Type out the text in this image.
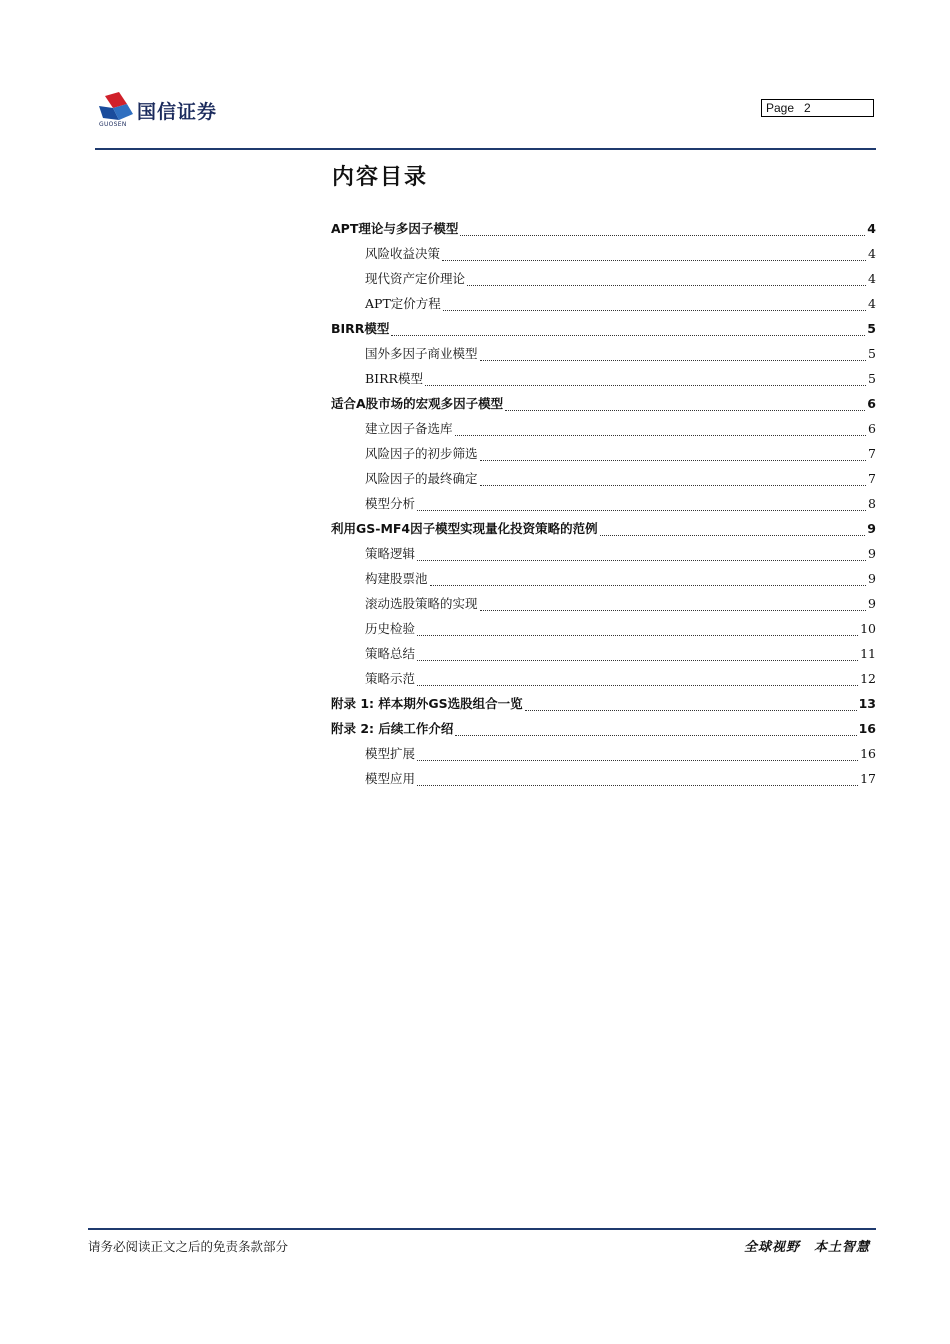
国信证券
GUOSEN
Page 2
内容目录
APT理论与多因子模型	4
风险收益决策	4
现代资产定价理论	4
APT定价方程	4
BIRR模型	5
国外多因子商业模型	5
BIRR模型	5
适合A股市场的宏观多因子模型	6
建立因子备选库	6
风险因子的初步筛选	7
风险因子的最终确定	7
模型分析	8
利用GS-MF4因子模型实现量化投资策略的范例	9
策略逻辑	9
构建股票池	9
滚动选股策略的实现	9
历史检验	10
策略总结	11
策略示范	12
附录 1: 样本期外GS选股组合一览	13
附录 2: 后续工作介绍	16
模型扩展	16
模型应用	17
请务必阅读正文之后的免责条款部分	全球视野 本土智慧
